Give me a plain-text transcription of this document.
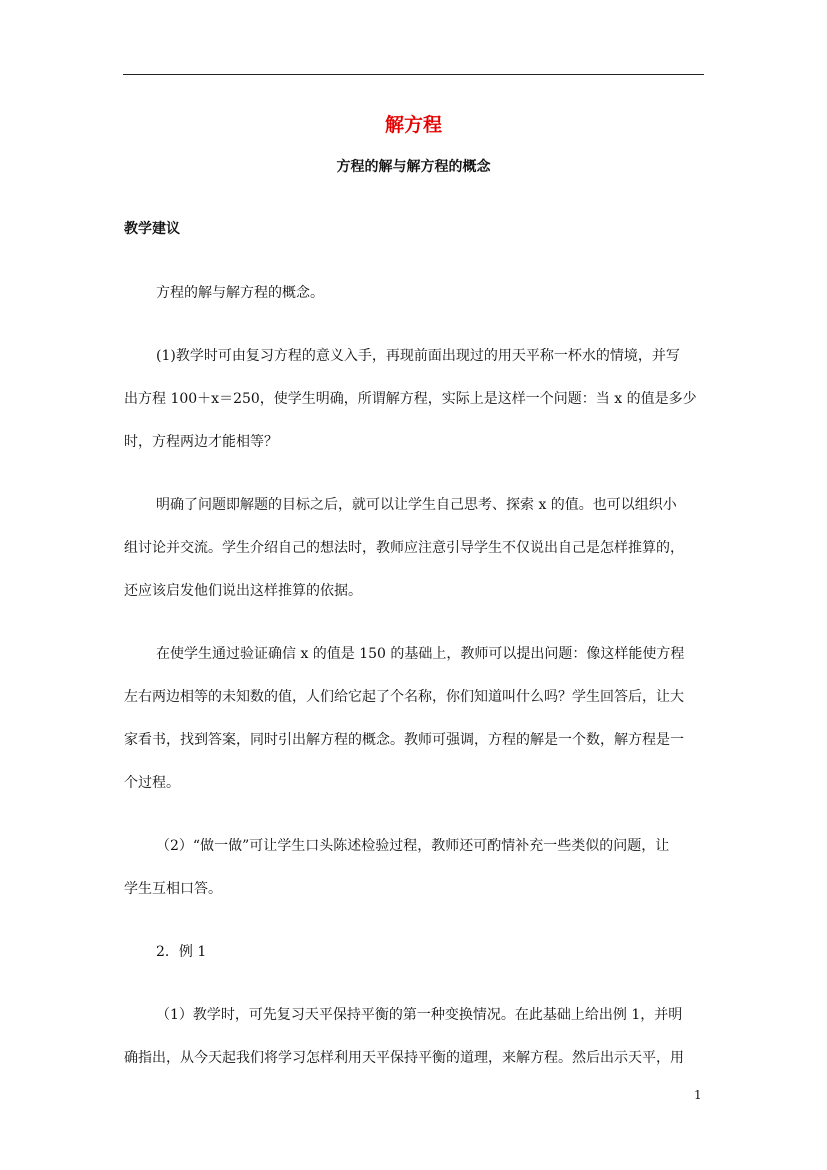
解方程
方程的解与解方程的概念
教学建议
方程的解与解方程的概念。
(1)教学时可由复习方程的意义入手，再现前面出现过的用天平称一杯水的情境，并写
出方程 100＋x＝250，使学生明确，所谓解方程，实际上是这样一个问题：当 x 的值是多少
时，方程两边才能相等？
明确了问题即解题的目标之后，就可以让学生自己思考、探索 x 的值。也可以组织小
组讨论并交流。学生介绍自己的想法时，教师应注意引导学生不仅说出自己是怎样推算的，
还应该启发他们说出这样推算的依据。
在使学生通过验证确信 x 的值是 150 的基础上，教师可以提出问题：像这样能使方程
左右两边相等的未知数的值，人们给它起了个名称，你们知道叫什么吗？学生回答后，让大
家看书，找到答案，同时引出解方程的概念。教师可强调，方程的解是一个数，解方程是一
个过程。
（2）“做一做”可让学生口头陈述检验过程，教师还可酌情补充一些类似的问题，让
学生互相口答。
2．例 1
（1）教学时，可先复习天平保持平衡的第一种变换情况。在此基础上给出例 1，并明
确指出，从今天起我们将学习怎样利用天平保持平衡的道理，来解方程。然后出示天平，用
1
